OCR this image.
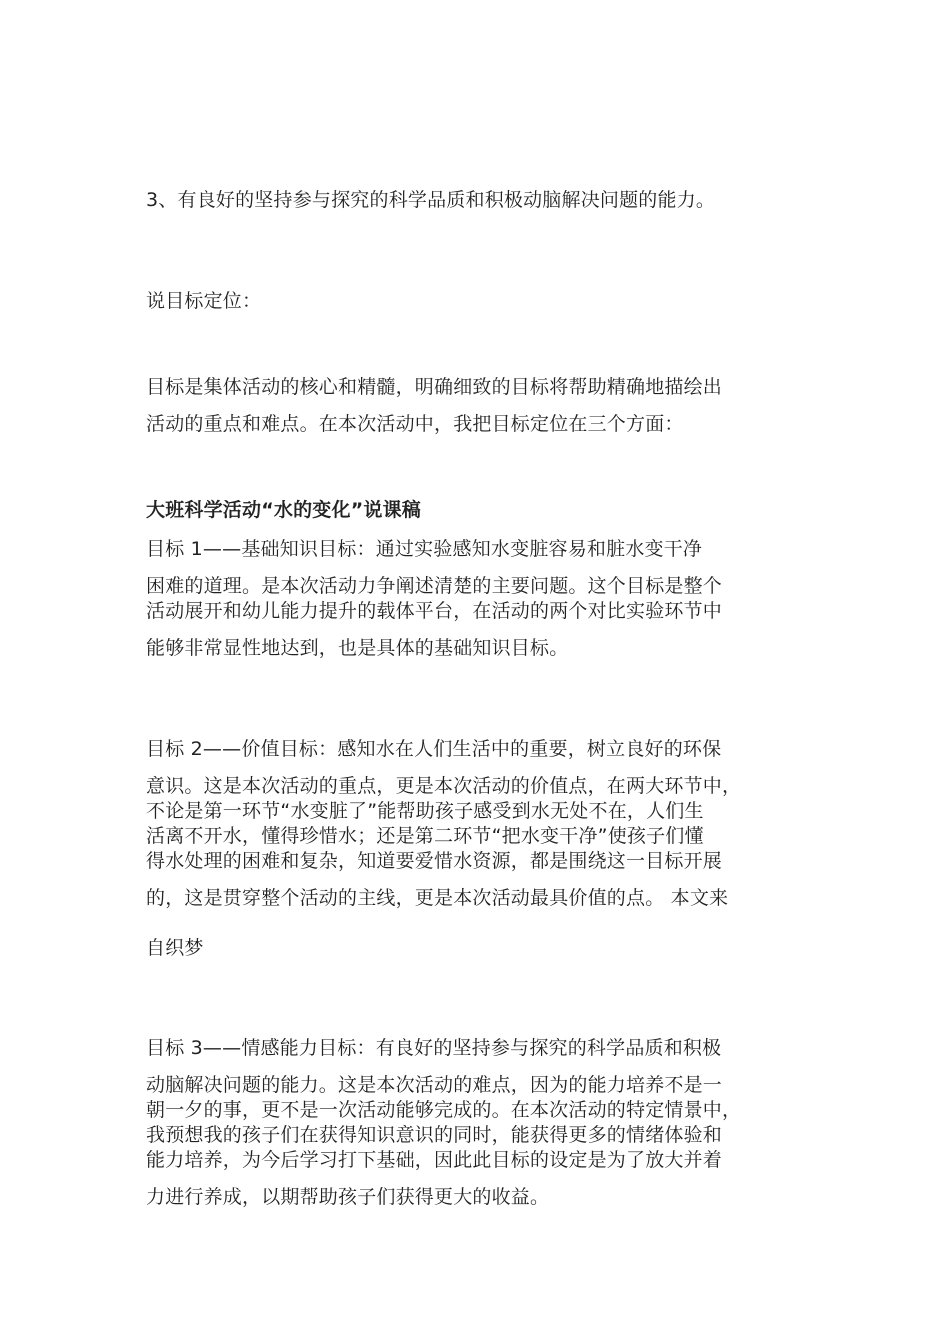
3、有良好的坚持参与探究的科学品质和积极动脑解决问题的能力。
说目标定位：
目标是集体活动的核心和精髓，明确细致的目标将帮助精确地描绘出
活动的重点和难点。在本次活动中，我把目标定位在三个方面：
大班科学活动“水的变化”说课稿
目标 1——基础知识目标：通过实验感知水变脏容易和脏水变干净
困难的道理。是本次活动力争阐述清楚的主要问题。这个目标是整个
活动展开和幼儿能力提升的载体平台，在活动的两个对比实验环节中
能够非常显性地达到，也是具体的基础知识目标。
目标 2——价值目标：感知水在人们生活中的重要，树立良好的环保
意识。这是本次活动的重点，更是本次活动的价值点，在两大环节中，
不论是第一环节“水变脏了”能帮助孩子感受到水无处不在，人们生
活离不开水，懂得珍惜水；还是第二环节“把水变干净”使孩子们懂
得水处理的困难和复杂，知道要爱惜水资源，都是围绕这一目标开展
的，这是贯穿整个活动的主线，更是本次活动最具价值的点。 本文来
自织梦
目标 3——情感能力目标：有良好的坚持参与探究的科学品质和积极
动脑解决问题的能力。这是本次活动的难点，因为的能力培养不是一
朝一夕的事，更不是一次活动能够完成的。在本次活动的特定情景中，
我预想我的孩子们在获得知识意识的同时，能获得更多的情绪体验和
能力培养，为今后学习打下基础，因此此目标的设定是为了放大并着
力进行养成，以期帮助孩子们获得更大的收益。
